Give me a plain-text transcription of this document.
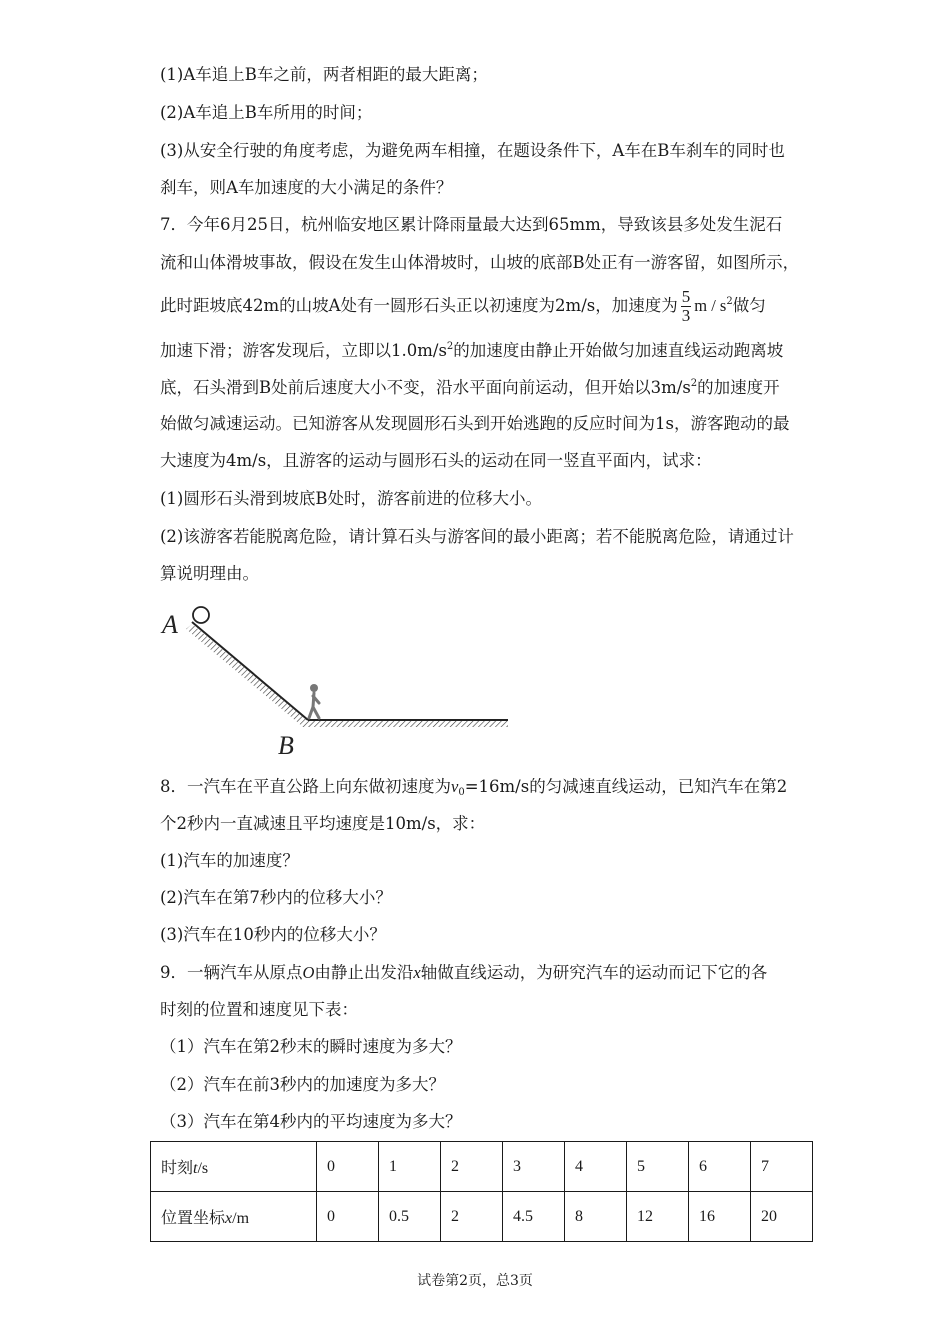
(1)A车追上B车之前，两者相距的最大距离；
(2)A车追上B车所用的时间；
(3)从安全行驶的角度考虑，为避免两车相撞，在题设条件下，A车在B车刹车的同时也
刹车，则A车加速度的大小满足的条件？
7．今年6月25日，杭州临安地区累计降雨量最大达到65mm，导致该县多处发生泥石
流和山体滑坡事故，假设在发生山体滑坡时，山坡的底部B处正有一游客留，如图所示，
此时距坡底42m的山坡A处有一圆形石头正以初速度为2m/s，加速度为 $\frac{5}{3}$ m / $s^2$做匀
加速下滑；游客发现后，立即以$1.0m/s^2$的加速度由静止开始做匀加速直线运动跑离坡
底，石头滑到B处前后速度大小不变，沿水平面向前运动，但开始以$3m/s^2$的加速度开
始做匀减速运动。已知游客从发现圆形石头到开始逃跑的反应时间为1s，游客跑动的最
大速度为4m/s，且游客的运动与圆形石头的运动在同一竖直平面内，试求：
(1)圆形石头滑到坡底B处时，游客前进的位移大小。
(2)该游客若能脱离危险，请计算石头与游客间的最小距离；若不能脱离危险，请通过计
算说明理由。
A
B
8．一汽车在平直公路上向东做初速度为$v_0=16m/s$的匀减速直线运动，已知汽车在第2
个2秒内一直减速且平均速度是10m/s，求：
(1)汽车的加速度？
(2)汽车在第7秒内的位移大小？
(3)汽车在10秒内的位移大小？
9．一辆汽车从原点O由静止出发沿x轴做直线运动，为研究汽车的运动而记下它的各
时刻的位置和速度见下表：
（1）汽车在第2秒末的瞬时速度为多大？
（2）汽车在前3秒内的加速度为多大？
（3）汽车在第4秒内的平均速度为多大？
时刻t/s	0	1	2	3	4	5	6	7
位置坐标x/m	0	0.5	2	4.5	8	12	16	20
试卷第2页，总3页
